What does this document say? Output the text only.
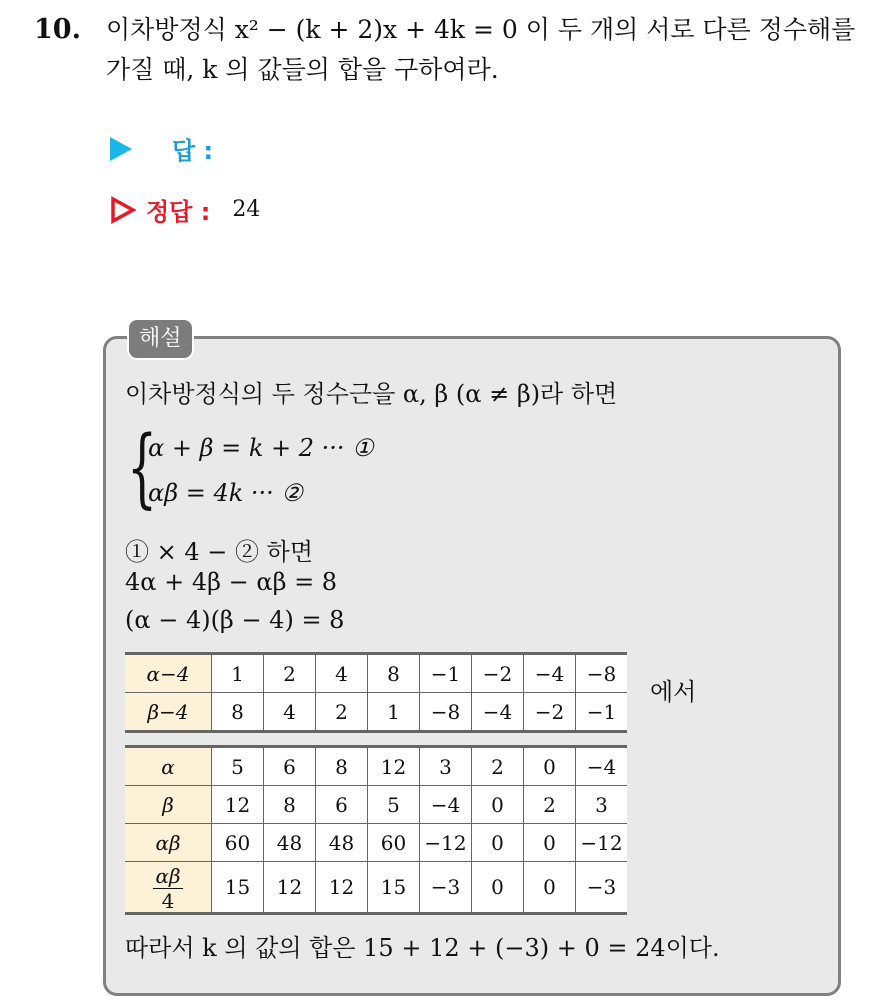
10. 이차방정식 x² − (k + 2)x + 4k = 0 이 두 개의 서로 다른 정수해를
가질 때, k 의 값들의 합을 구하여라.
답 :
정답 : 24
해설
이차방정식의 두 정수근을 α, β (α ≠ β)라 하면
{
α + β = k + 2 ··· ①
αβ = 4k ··· ②
① × 4 − ② 하면
4α + 4β − αβ = 8
(α − 4)(β − 4) = 8
α−4	1	2	4	8	−1	−2	−4	−8
β−4	8	4	2	1	−8	−4	−2	−1
에서
α	5	6	8	12	3	2	0	−4
β	12	8	6	5	−4	0	2	3
αβ	60	48	48	60	−12	0	0	−12

$\frac{\alpha\beta}{4}$	15	12	12	15	−3	0	0	−3
따라서 k 의 값의 합은 15 + 12 + (−3) + 0 = 24이다.
